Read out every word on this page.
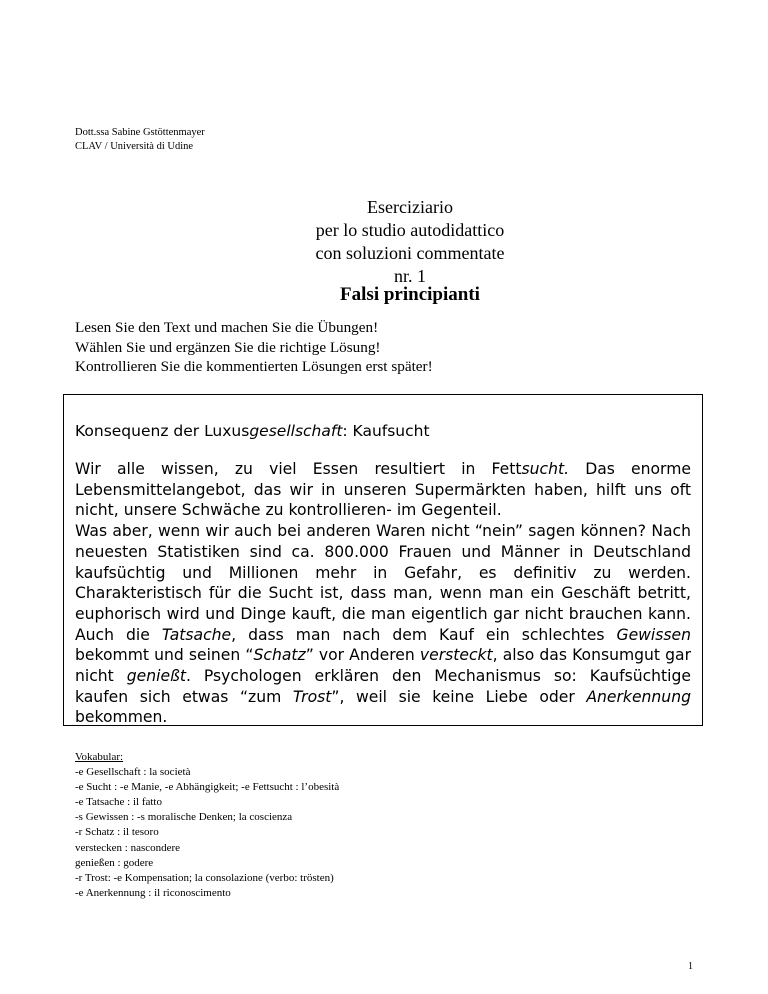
Dott.ssa Sabine Gstöttenmayer
CLAV / Università di Udine
Eserciziario
per lo studio autodidattico
con soluzioni commentate
nr. 1
Falsi principianti
Lesen Sie den Text und machen Sie die Übungen!
Wählen Sie und ergänzen Sie die richtige Lösung!
Kontrollieren Sie die kommentierten Lösungen erst später!
Konsequenz der Luxusgesellschaft: Kaufsucht

Wir alle wissen, zu viel Essen resultiert in Fettsucht. Das enorme Lebensmittelangebot, das wir in unseren Supermärkten haben, hilft uns oft nicht, unsere Schwäche zu kontrollieren- im Gegenteil.

Was aber, wenn wir auch bei anderen Waren nicht “nein” sagen können? Nach neuesten Statistiken sind ca. 800.000 Frauen und Männer in Deutschland kaufsüchtig und Millionen mehr in Gefahr, es definitiv zu werden. Charakteristisch für die Sucht ist, dass man, wenn man ein Geschäft betritt, euphorisch wird und Dinge kauft, die man eigentlich gar nicht brauchen kann. Auch die Tatsache, dass man nach dem Kauf ein schlechtes Gewissen bekommt und seinen “Schatz” vor Anderen versteckt, also das Konsumgut gar nicht genießt. Psychologen erklären den Mechanismus so: Kaufsüchtige kaufen sich etwas “zum Trost”, weil sie keine Liebe oder Anerkennung bekommen.

Vokabular:
-e Gesellschaft : la società
-e Sucht : -e Manie, -e Abhängigkeit; -e Fettsucht : l’obesità
-e Tatsache : il fatto
-s Gewissen : -s moralische Denken; la coscienza
-r Schatz : il tesoro
verstecken : nascondere
genießen : godere
-r Trost: -e Kompensation; la consolazione (verbo: trösten)
-e Anerkennung : il riconoscimento
1
